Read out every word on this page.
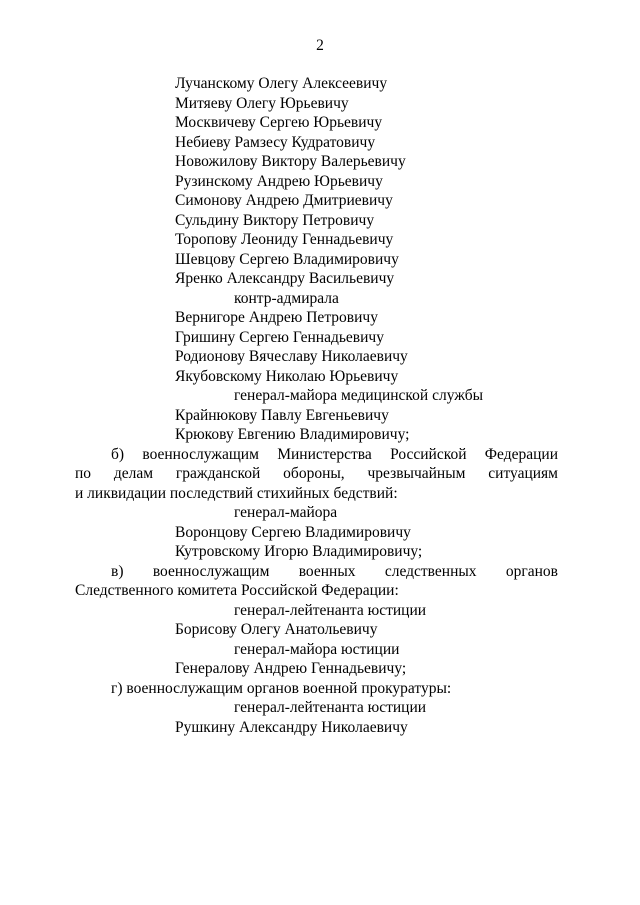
2
Лучанскому Олегу Алексеевичу
Митяеву Олегу Юрьевичу
Москвичеву Сергею Юрьевичу
Небиеву Рамзесу Кудратовичу
Новожилову Виктору Валерьевичу
Рузинскому Андрею Юрьевичу
Симонову Андрею Дмитриевичу
Сульдину Виктору Петровичу
Торопову Леониду Геннадьевичу
Шевцову Сергею Владимировичу
Яренко Александру Васильевичу
контр-адмирала
Вернигоре Андрею Петровичу
Гришину Сергею Геннадьевичу
Родионову Вячеславу Николаевичу
Якубовскому Николаю Юрьевичу
генерал-майора медицинской службы
Крайнюкову Павлу Евгеньевичу
Крюкову Евгению Владимировичу;
б) военнослужащим Министерства Российской Федерации
по делам гражданской обороны, чрезвычайным ситуациям
и ликвидации последствий стихийных бедствий:
генерал-майора
Воронцову Сергею Владимировичу
Кутровскому Игорю Владимировичу;
в) военнослужащим военных следственных органов
Следственного комитета Российской Федерации:
генерал-лейтенанта юстиции
Борисову Олегу Анатольевичу
генерал-майора юстиции
Генералову Андрею Геннадьевичу;
г) военнослужащим органов военной прокуратуры:
генерал-лейтенанта юстиции
Рушкину Александру Николаевичу
